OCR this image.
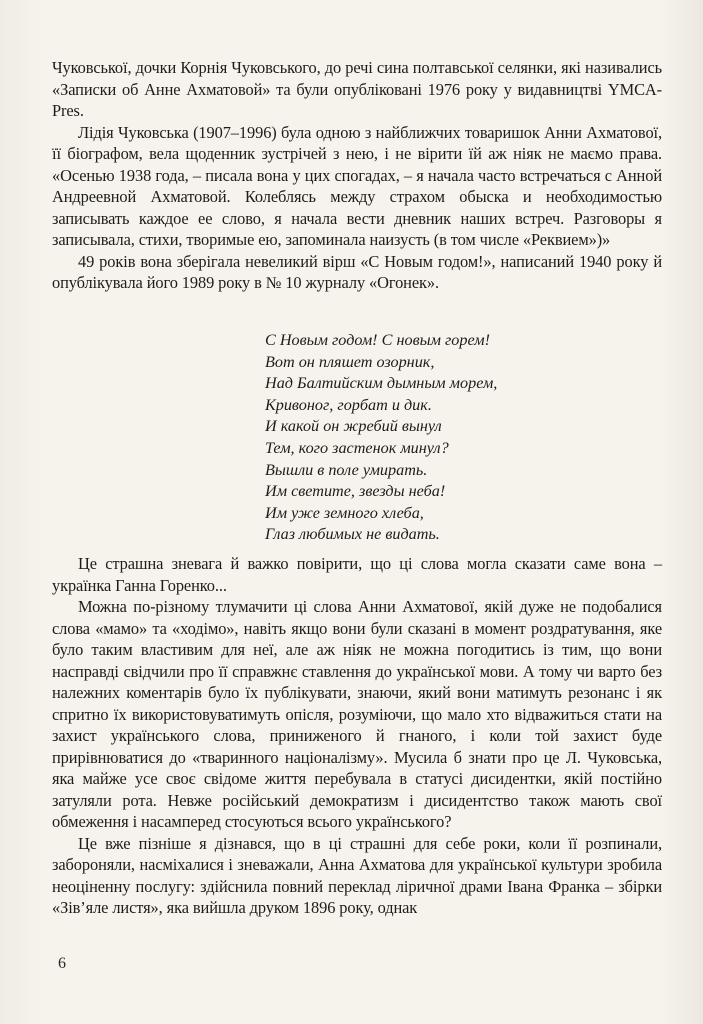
Чуковської, дочки Корнія Чуковського, до речі сина полтавської селянки, які називались «Записки об Анне Ахматовой» та були опубліковані 1976 року у видавництві YMCA-Pres.

Лідія Чуковська (1907–1996) була одною з найближчих товаришок Анни Ахматової, її біографом, вела щоденник зустрічей з нею, і не вірити їй аж ніяк не маємо права. «Осенью 1938 года, – писала вона у цих спогадах, – я начала часто встречаться с Анной Андреевной Ахматовой. Колеблясь между страхом обыска и необходимостью записывать каждое ее слово, я начала вести дневник наших встреч. Разговоры я записывала, стихи, творимые ею, запоминала наизусть (в том числе «Реквием»)»

49 років вона зберігала невеликий вірш «С Новым годом!», написаний 1940 року й опублікувала його 1989 року в № 10 журналу «Огонек».

С Новым годом! С новым горем!
Вот он пляшет озорник,
Над Балтийским дымным морем,
Кривоног, горбат и дик.
И какой он жребий вынул
Тем, кого застенок минул?
Вышли в поле умирать.
Им светите, звезды неба!
Им уже земного хлеба,
Глаз любимых не видать.

Це страшна зневага й важко повірити, що ці слова могла сказати саме вона – українка Ганна Горенко...

Можна по-різному тлумачити ці слова Анни Ахматової, якій дуже не подобалися слова «мамо» та «ходімо», навіть якщо вони були сказані в момент роздратування, яке було таким властивим для неї, але аж ніяк не можна погодитись із тим, що вони насправді свідчили про її справжнє ставлення до української мови. А тому чи варто без належних коментарів було їх публікувати, знаючи, який вони матимуть резонанс і як спритно їх використовуватимуть опісля, розуміючи, що мало хто відважиться стати на захист українського слова, приниженого й гнаного, і коли той захист буде прирівнюватися до «тваринного націоналізму». Мусила б знати про це Л. Чуковська, яка майже усе своє свідоме життя перебувала в статусі дисидентки, якій постійно затуляли рота. Невже російський демократизм і дисидентство також мають свої обмеження і насамперед стосуються всього українського?

Це вже пізніше я дізнався, що в ці страшні для себе роки, коли її розпинали, забороняли, насміхалися і зневажали, Анна Ахматова для української культури зробила неоціненну послугу: здійснила повний переклад ліричної драми Івана Франка – збірки «Зів’яле листя», яка вийшла друком 1896 року, однак

6
